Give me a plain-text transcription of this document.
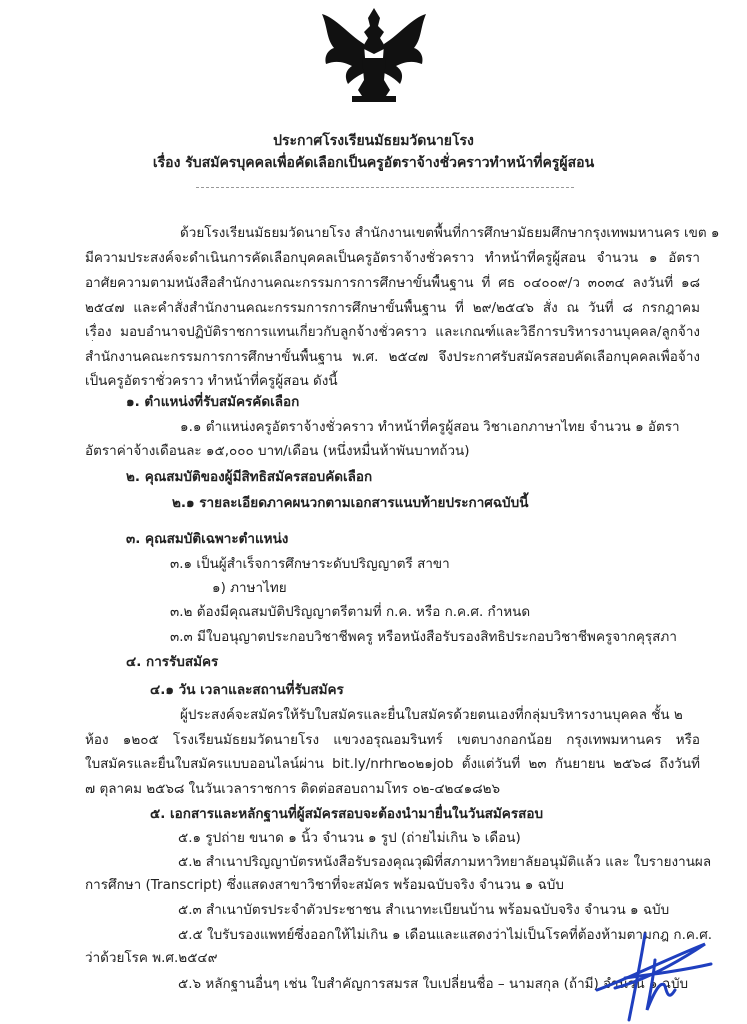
ประกาศโรงเรียนมัธยมวัดนายโรง
เรื่อง รับสมัครบุคคลเพื่อคัดเลือกเป็นครูอัตราจ้างชั่วคราวทำหน้าที่ครูผู้สอน
ด้วยโรงเรียนมัธยมวัดนายโรง สำนักงานเขตพื้นที่การศึกษามัธยมศึกษากรุงเทพมหานคร เขต ๑
มีความประสงค์จะดำเนินการคัดเลือกบุคคลเป็นครูอัตราจ้างชั่วคราว ทำหน้าที่ครูผู้สอน จำนวน ๑ อัตรา
อาศัยความตามหนังสือสำนักงานคณะกรรมการการศึกษาขั้นพื้นฐาน ที่ ศธ ๐๔๐๐๙/ว ๓๐๓๔ ลงวันที่ ๑๘
๒๕๔๗ และคำสั่งสำนักงานคณะกรรมการการศึกษาขั้นพื้นฐาน ที่ ๒๙/๒๕๔๖ สั่ง ณ วันที่ ๘ กรกฎาคม
เรื่อง มอบอำนาจปฏิบัติราชการแทนเกี่ยวกับลูกจ้างชั่วคราว และเกณฑ์และวิธีการบริหารงานบุคคล/ลูกจ้าง
สำนักงานคณะกรรมการการศึกษาขั้นพื้นฐาน พ.ศ. ๒๕๔๗ จึงประกาศรับสมัครสอบคัดเลือกบุคคลเพื่อจ้าง
เป็นครูอัตราชั่วคราว ทำหน้าที่ครูผู้สอน ดังนี้
๑. ตำแหน่งที่รับสมัครคัดเลือก
๑.๑ ตำแหน่งครูอัตราจ้างชั่วคราว ทำหน้าที่ครูผู้สอน วิชาเอกภาษาไทย จำนวน ๑ อัตรา
อัตราค่าจ้างเดือนละ ๑๕,๐๐๐ บาท/เดือน (หนึ่งหมื่นห้าพันบาทถ้วน)
๒. คุณสมบัติของผู้มีสิทธิสมัครสอบคัดเลือก
๒.๑ รายละเอียดภาคผนวกตามเอกสารแนบท้ายประกาศฉบับนี้
๓. คุณสมบัติเฉพาะตำแหน่ง
๓.๑ เป็นผู้สำเร็จการศึกษาระดับปริญญาตรี สาขา
๑) ภาษาไทย
๓.๒ ต้องมีคุณสมบัติปริญญาตรีตามที่ ก.ค. หรือ ก.ค.ศ. กำหนด
๓.๓ มีใบอนุญาตประกอบวิชาชีพครู หรือหนังสือรับรองสิทธิประกอบวิชาชีพครูจากคุรุสภา
๔. การรับสมัคร
๔.๑ วัน เวลาและสถานที่รับสมัคร
ผู้ประสงค์จะสมัครให้รับใบสมัครและยื่นใบสมัครด้วยตนเองที่กลุ่มบริหารงานบุคคล ชั้น ๒
ห้อง ๑๒๐๕ โรงเรียนมัธยมวัดนายโรง แขวงอรุณอมรินทร์ เขตบางกอกน้อย กรุงเทพมหานคร หรือ
ใบสมัครและยื่นใบสมัครแบบออนไลน์ผ่าน bit.ly/nrhr๒๐๒๑job ตั้งแต่วันที่ ๒๓ กันยายน ๒๕๖๘ ถึงวันที่
๗ ตุลาคม ๒๕๖๘ ในวันเวลาราชการ ติดต่อสอบถามโทร ๐๒-๔๒๔๑๘๒๖
๕. เอกสารและหลักฐานที่ผู้สมัครสอบจะต้องนำมายื่นในวันสมัครสอบ
๕.๑ รูปถ่าย ขนาด ๑ นิ้ว จำนวน ๑ รูป (ถ่ายไม่เกิน ๖ เดือน)
๕.๒ สำเนาปริญญาบัตรหนังสือรับรองคุณวุฒิที่สภามหาวิทยาลัยอนุมัติแล้ว และ ใบรายงานผล
การศึกษา (Transcript) ซึ่งแสดงสาขาวิชาที่จะสมัคร พร้อมฉบับจริง จำนวน ๑ ฉบับ
๕.๓ สำเนาบัตรประจำตัวประชาชน สำเนาทะเบียนบ้าน พร้อมฉบับจริง จำนวน ๑ ฉบับ
๕.๕ ใบรับรองแพทย์ซึ่งออกให้ไม่เกิน ๑ เดือนและแสดงว่าไม่เป็นโรคที่ต้องห้ามตามกฎ ก.ค.ศ.
ว่าด้วยโรค พ.ศ.๒๕๔๙
๕.๖ หลักฐานอื่นๆ เช่น ใบสำคัญการสมรส ใบเปลี่ยนชื่อ – นามสกุล (ถ้ามี) จำนวน ๑ ฉบับ
